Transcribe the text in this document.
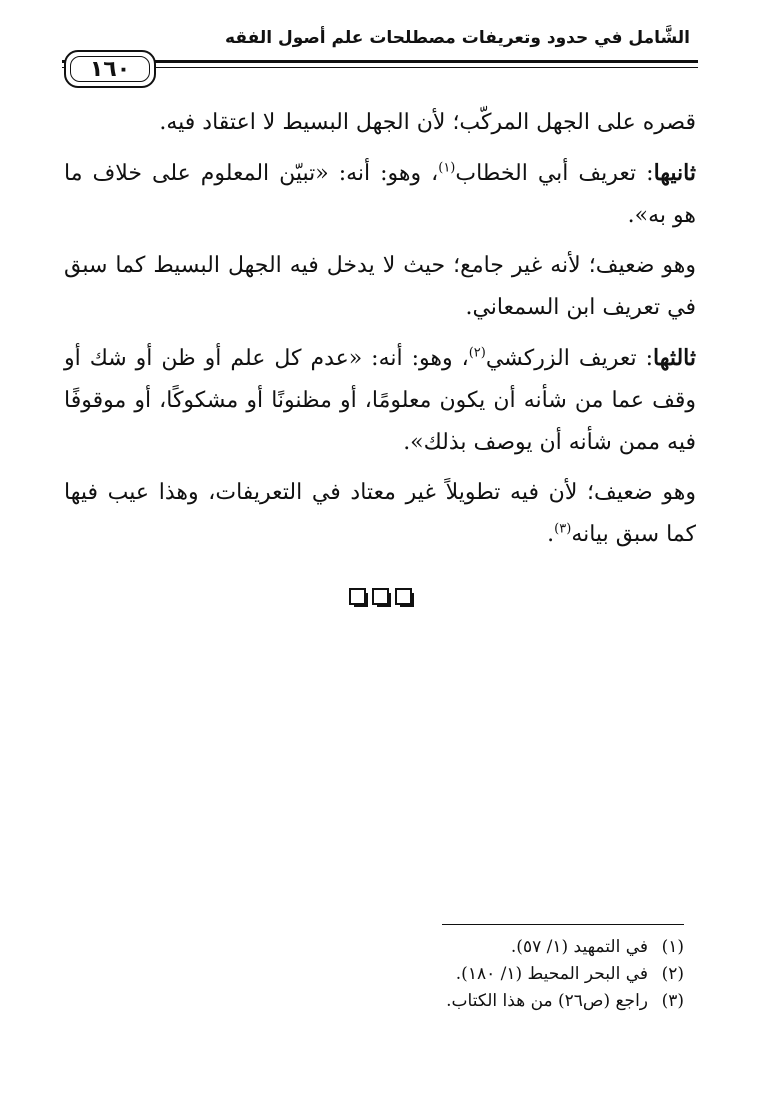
الشَّامل في حدود وتعريفات مصطلحات علم أصول الفقه
١٦٠

قصره على الجهل المركّب؛ لأن الجهل البسيط لا اعتقاد فيه.

ثانيها: تعريف أبي الخطاب$^{(١)}$، وهو: أنه: «تبيّن المعلوم على خلاف ما هو به».

وهو ضعيف؛ لأنه غير جامع؛ حيث لا يدخل فيه الجهل البسيط كما سبق في تعريف ابن السمعاني.

ثالثها: تعريف الزركشي$^{(٢)}$، وهو: أنه: «عدم كل علم أو ظن أو شك أو وقف عما من شأنه أن يكون معلومًا، أو مظنونًا أو مشكوكًا، أو موقوفًا فيه ممن شأنه أن يوصف بذلك».

وهو ضعيف؛ لأن فيه تطويلاً غير معتاد في التعريفات، وهذا عيب فيها كما سبق بيانه$^{(٣)}$.

(١)
في التمهيد (١/ ٥٧).
(٢)
في البحر المحيط (١/ ١٨٠).
(٣)
راجع (ص٢٦) من هذا الكتاب.
